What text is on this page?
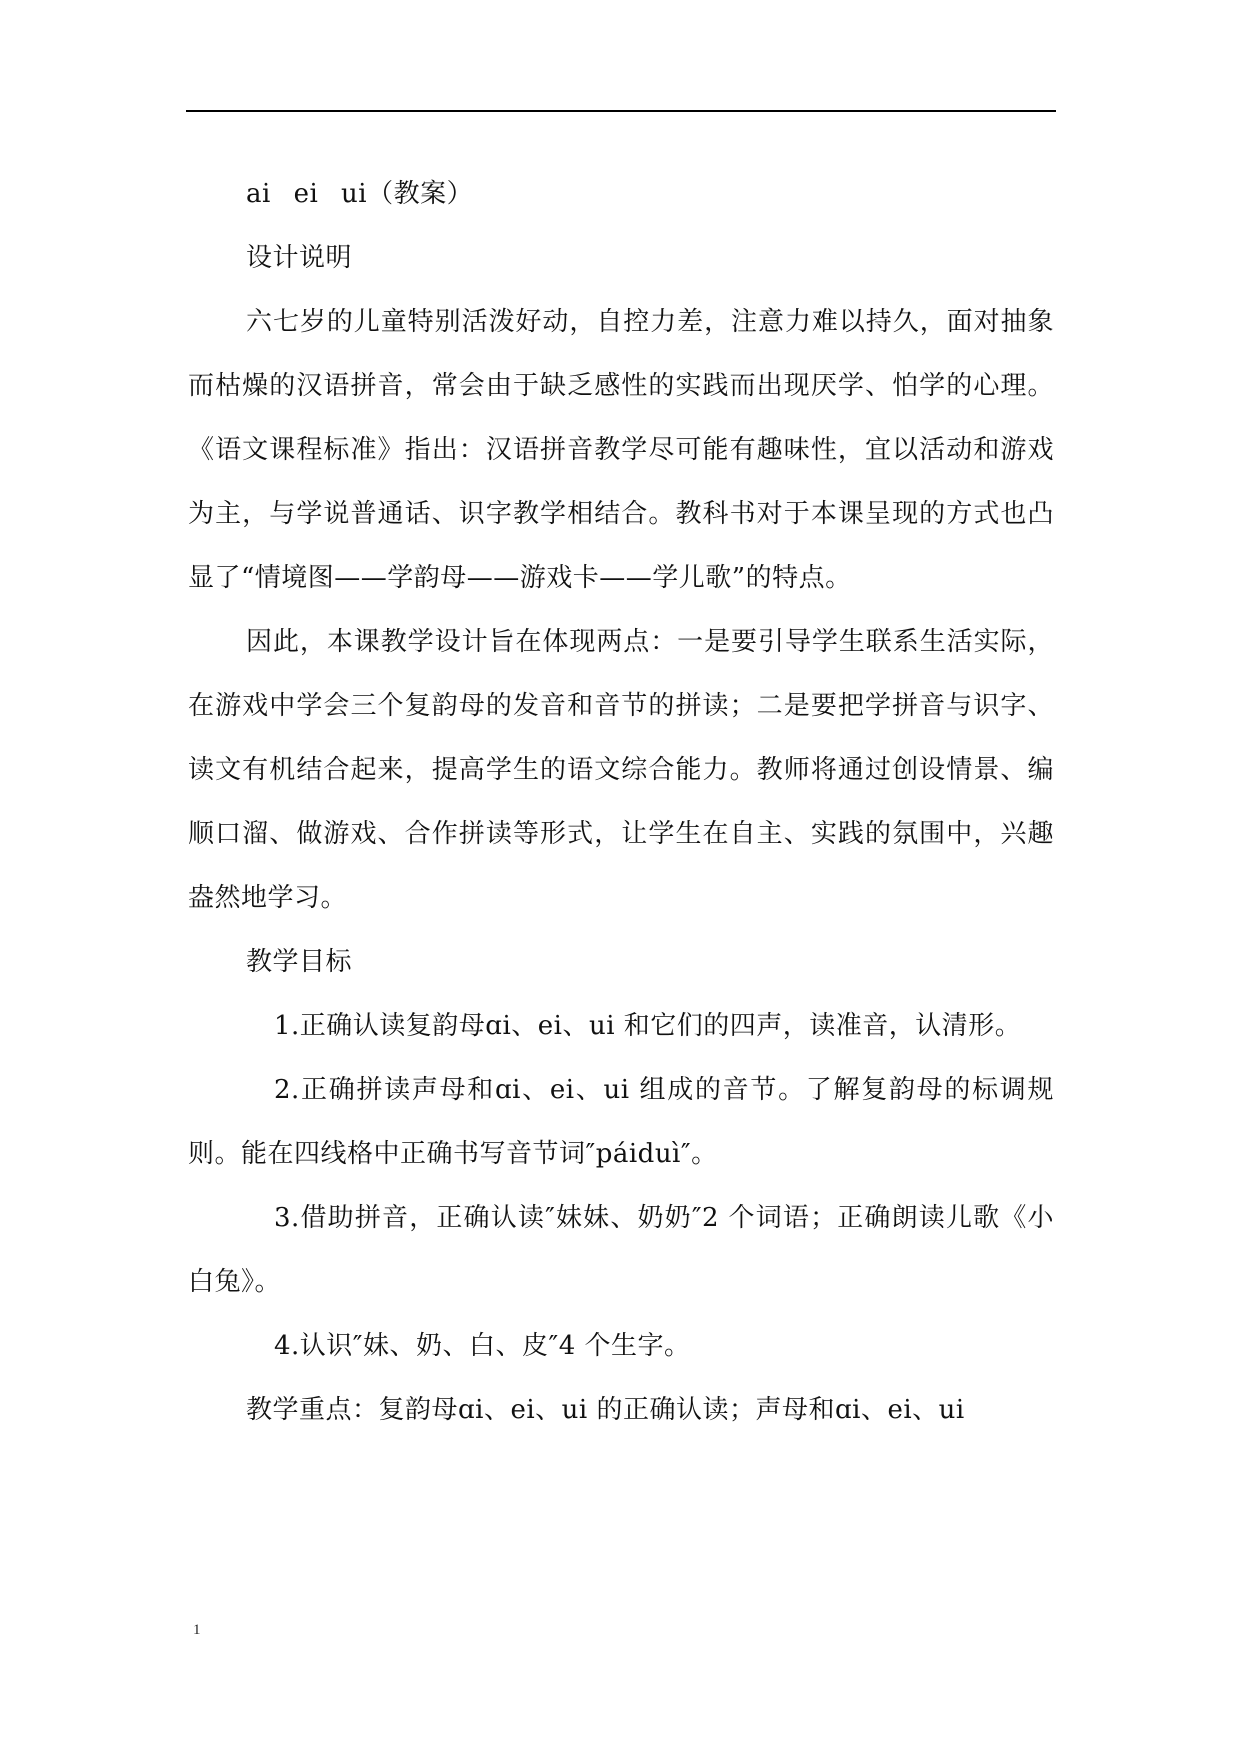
ai ei ui（教案）

设计说明

六七岁的儿童特别活泼好动，自控力差，注意力难以持久，面对抽象而枯燥的汉语拼音，常会由于缺乏感性的实践而出现厌学、怕学的心理。《语文课程标准》指出：汉语拼音教学尽可能有趣味性，宜以活动和游戏为主，与学说普通话、识字教学相结合。教科书对于本课呈现的方式也凸显了“情境图——学韵母——游戏卡——学儿歌”的特点。

因此，本课教学设计旨在体现两点：一是要引导学生联系生活实际，在游戏中学会三个复韵母的发音和音节的拼读；二是要把学拼音与识字、读文有机结合起来，提高学生的语文综合能力。教师将通过创设情景、编顺口溜、做游戏、合作拼读等形式，让学生在自主、实践的氛围中，兴趣盎然地学习。

教学目标

1.正确认读复韵母ɑi、ei、ui 和它们的四声，读准音，认清形。

2.正确拼读声母和ɑi、ei、ui 组成的音节。了解复韵母的标调规则。能在四线格中正确书写音节词″páiduì″。

3.借助拼音，正确认读″妹妹、奶奶″2 个词语；正确朗读儿歌《小白兔》。

4.认识″妹、奶、白、皮″4 个生字。

教学重点：复韵母ɑi、ei、ui 的正确认读；声母和ɑi、ei、ui

1
